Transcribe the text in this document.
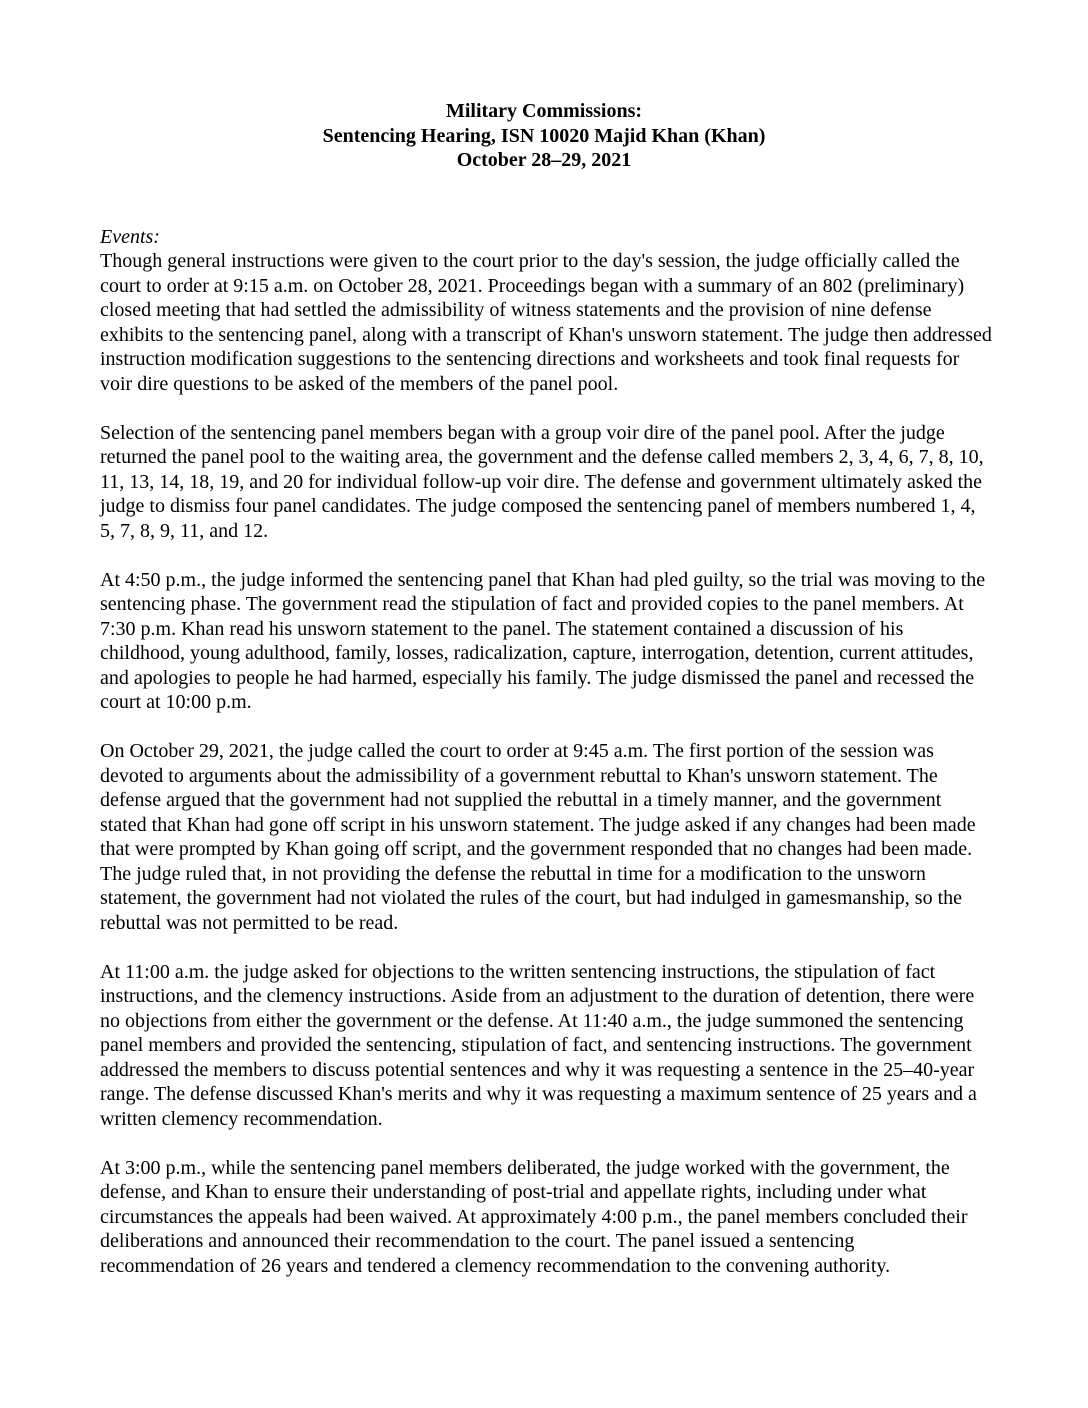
Military Commissions:
Sentencing Hearing, ISN 10020 Majid Khan (Khan)
October 28–29, 2021
Events:

Though general instructions were given to the court prior to the day's session, the judge officially called the court to order at 9:15 a.m. on October 28, 2021. Proceedings began with a summary of an 802 (preliminary) closed meeting that had settled the admissibility of witness statements and the provision of nine defense exhibits to the sentencing panel, along with a transcript of Khan's unsworn statement. The judge then addressed instruction modification suggestions to the sentencing directions and worksheets and took final requests for voir dire questions to be asked of the members of the panel pool.

Selection of the sentencing panel members began with a group voir dire of the panel pool. After the judge returned the panel pool to the waiting area, the government and the defense called members 2, 3, 4, 6, 7, 8, 10, 11, 13, 14, 18, 19, and 20 for individual follow-up voir dire. The defense and government ultimately asked the judge to dismiss four panel candidates. The judge composed the sentencing panel of members numbered 1, 4, 5, 7, 8, 9, 11, and 12.

At 4:50 p.m., the judge informed the sentencing panel that Khan had pled guilty, so the trial was moving to the sentencing phase. The government read the stipulation of fact and provided copies to the panel members. At 7:30 p.m. Khan read his unsworn statement to the panel. The statement contained a discussion of his childhood, young adulthood, family, losses, radicalization, capture, interrogation, detention, current attitudes, and apologies to people he had harmed, especially his family. The judge dismissed the panel and recessed the court at 10:00 p.m.

On October 29, 2021, the judge called the court to order at 9:45 a.m. The first portion of the session was devoted to arguments about the admissibility of a government rebuttal to Khan's unsworn statement. The defense argued that the government had not supplied the rebuttal in a timely manner, and the government stated that Khan had gone off script in his unsworn statement. The judge asked if any changes had been made that were prompted by Khan going off script, and the government responded that no changes had been made. The judge ruled that, in not providing the defense the rebuttal in time for a modification to the unsworn statement, the government had not violated the rules of the court, but had indulged in gamesmanship, so the rebuttal was not permitted to be read.

At 11:00 a.m. the judge asked for objections to the written sentencing instructions, the stipulation of fact instructions, and the clemency instructions. Aside from an adjustment to the duration of detention, there were no objections from either the government or the defense. At 11:40 a.m., the judge summoned the sentencing panel members and provided the sentencing, stipulation of fact, and sentencing instructions. The government addressed the members to discuss potential sentences and why it was requesting a sentence in the 25–40-year range. The defense discussed Khan's merits and why it was requesting a maximum sentence of 25 years and a written clemency recommendation.

At 3:00 p.m., while the sentencing panel members deliberated, the judge worked with the government, the defense, and Khan to ensure their understanding of post-trial and appellate rights, including under what circumstances the appeals had been waived. At approximately 4:00 p.m., the panel members concluded their deliberations and announced their recommendation to the court. The panel issued a sentencing recommendation of 26 years and tendered a clemency recommendation to the convening authority.
